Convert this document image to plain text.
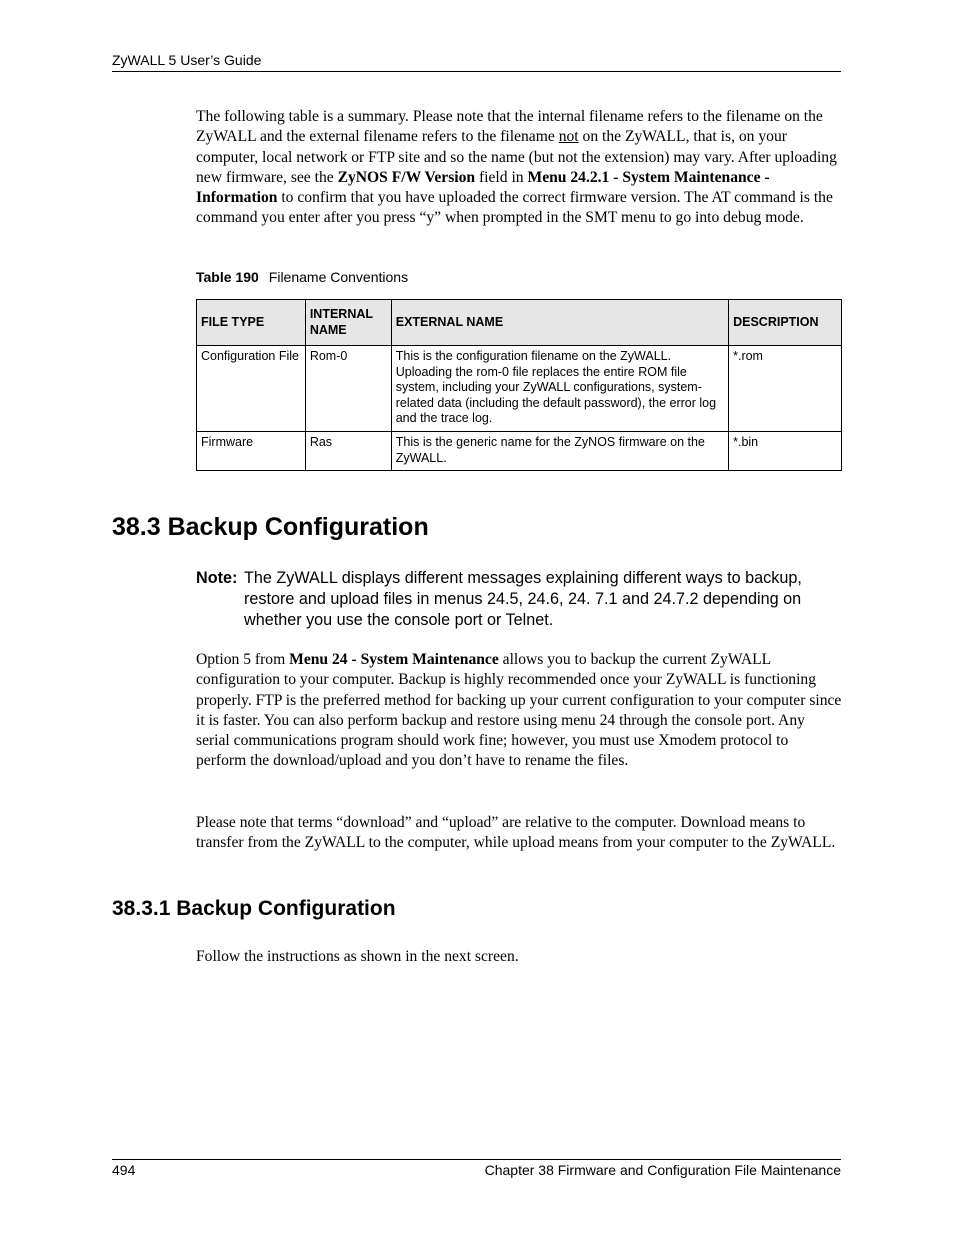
ZyWALL 5 User’s Guide
The following table is a summary. Please note that the internal filename refers to the filename on the ZyWALL and the external filename refers to the filename not on the ZyWALL, that is, on your computer, local network or FTP site and so the name (but not the extension) may vary. After uploading new firmware, see the ZyNOS F/W Version field in Menu 24.2.1 - System Maintenance - Information to confirm that you have uploaded the correct firmware version. The AT command is the command you enter after you press “y” when prompted in the SMT menu to go into debug mode.
Table 190 Filename Conventions
FILE TYPE	INTERNAL NAME	EXTERNAL NAME	DESCRIPTION
Configuration File	Rom-0	This is the configuration filename on the ZyWALL. Uploading the rom-0 file replaces the entire ROM file system, including your ZyWALL configurations, system-related data (including the default password), the error log and the trace log.	*.rom
Firmware	Ras	This is the generic name for the ZyNOS firmware on the ZyWALL.	*.bin
38.3 Backup Configuration
Note: The ZyWALL displays different messages explaining different ways to backup, restore and upload files in menus 24.5, 24.6, 24. 7.1 and 24.7.2 depending on whether you use the console port or Telnet.
Option 5 from Menu 24 - System Maintenance allows you to backup the current ZyWALL configuration to your computer. Backup is highly recommended once your ZyWALL is functioning properly. FTP is the preferred method for backing up your current configuration to your computer since it is faster. You can also perform backup and restore using menu 24 through the console port. Any serial communications program should work fine; however, you must use Xmodem protocol to perform the download/upload and you don’t have to rename the files.
Please note that terms “download” and “upload” are relative to the computer. Download means to transfer from the ZyWALL to the computer, while upload means from your computer to the ZyWALL.
38.3.1 Backup Configuration
Follow the instructions as shown in the next screen.
494	Chapter 38 Firmware and Configuration File Maintenance
